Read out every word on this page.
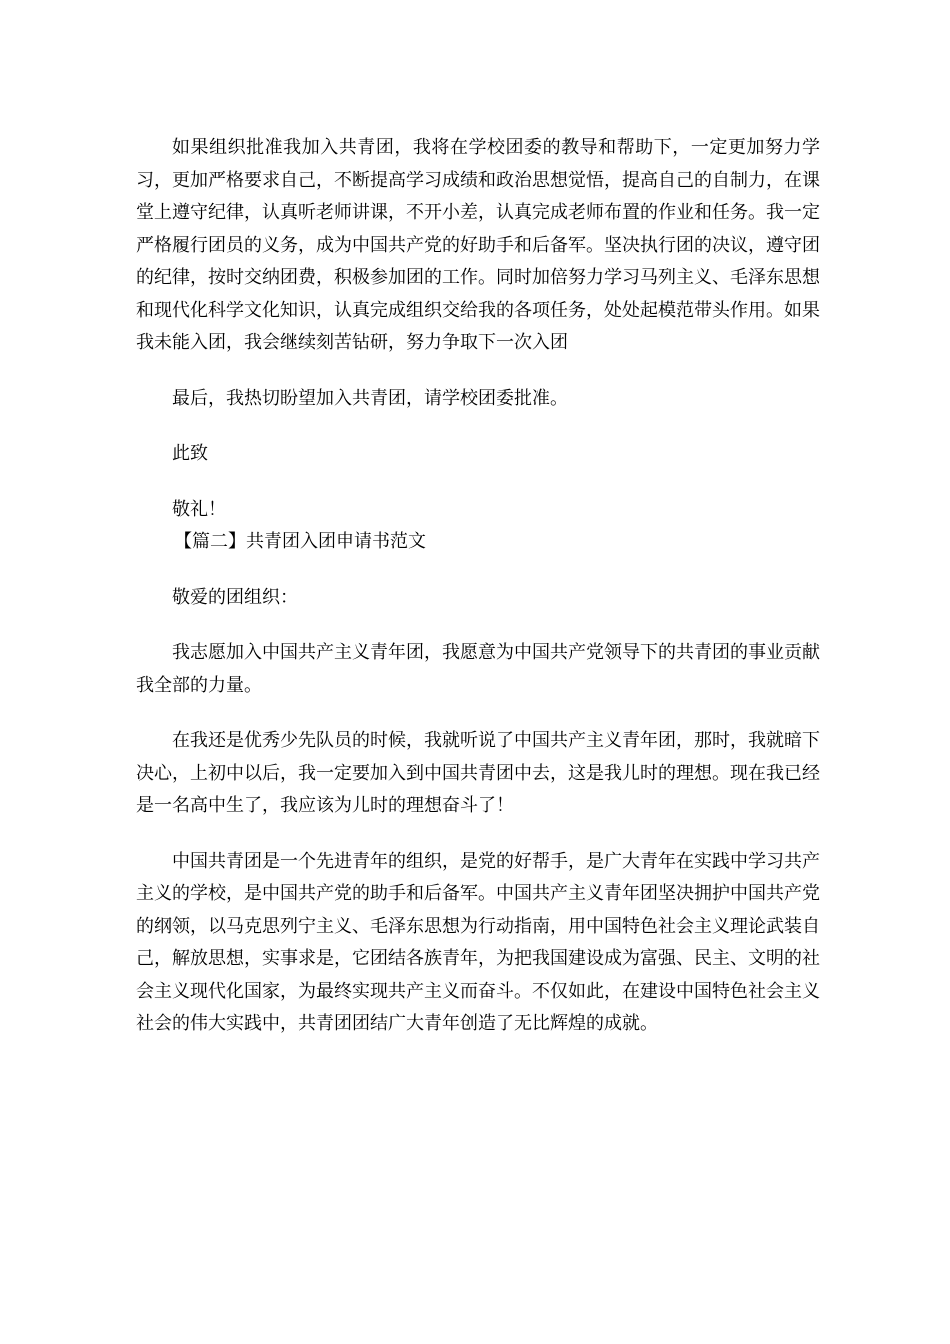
如果组织批准我加入共青团，我将在学校团委的教导和帮助下，一定更加努力学习，更加严格要求自己，不断提高学习成绩和政治思想觉悟，提高自己的自制力，在课堂上遵守纪律，认真听老师讲课，不开小差，认真完成老师布置的作业和任务。我一定严格履行团员的义务，成为中国共产党的好助手和后备军。坚决执行团的决议，遵守团的纪律，按时交纳团费，积极参加团的工作。同时加倍努力学习马列主义、毛泽东思想和现代化科学文化知识，认真完成组织交给我的各项任务，处处起模范带头作用。如果我未能入团，我会继续刻苦钻研，努力争取下一次入团

最后，我热切盼望加入共青团，请学校团委批准。

此致

敬礼！

【篇二】共青团入团申请书范文

敬爱的团组织：

我志愿加入中国共产主义青年团，我愿意为中国共产党领导下的共青团的事业贡献我全部的力量。

在我还是优秀少先队员的时候，我就听说了中国共产主义青年团，那时，我就暗下决心，上初中以后，我一定要加入到中国共青团中去，这是我儿时的理想。现在我已经是一名高中生了，我应该为儿时的理想奋斗了！

中国共青团是一个先进青年的组织，是党的好帮手，是广大青年在实践中学习共产主义的学校，是中国共产党的助手和后备军。中国共产主义青年团坚决拥护中国共产党的纲领，以马克思列宁主义、毛泽东思想为行动指南，用中国特色社会主义理论武装自己，解放思想，实事求是，它团结各族青年，为把我国建设成为富强、民主、文明的社会主义现代化国家，为最终实现共产主义而奋斗。不仅如此，在建设中国特色社会主义社会的伟大实践中，共青团团结广大青年创造了无比辉煌的成就。
